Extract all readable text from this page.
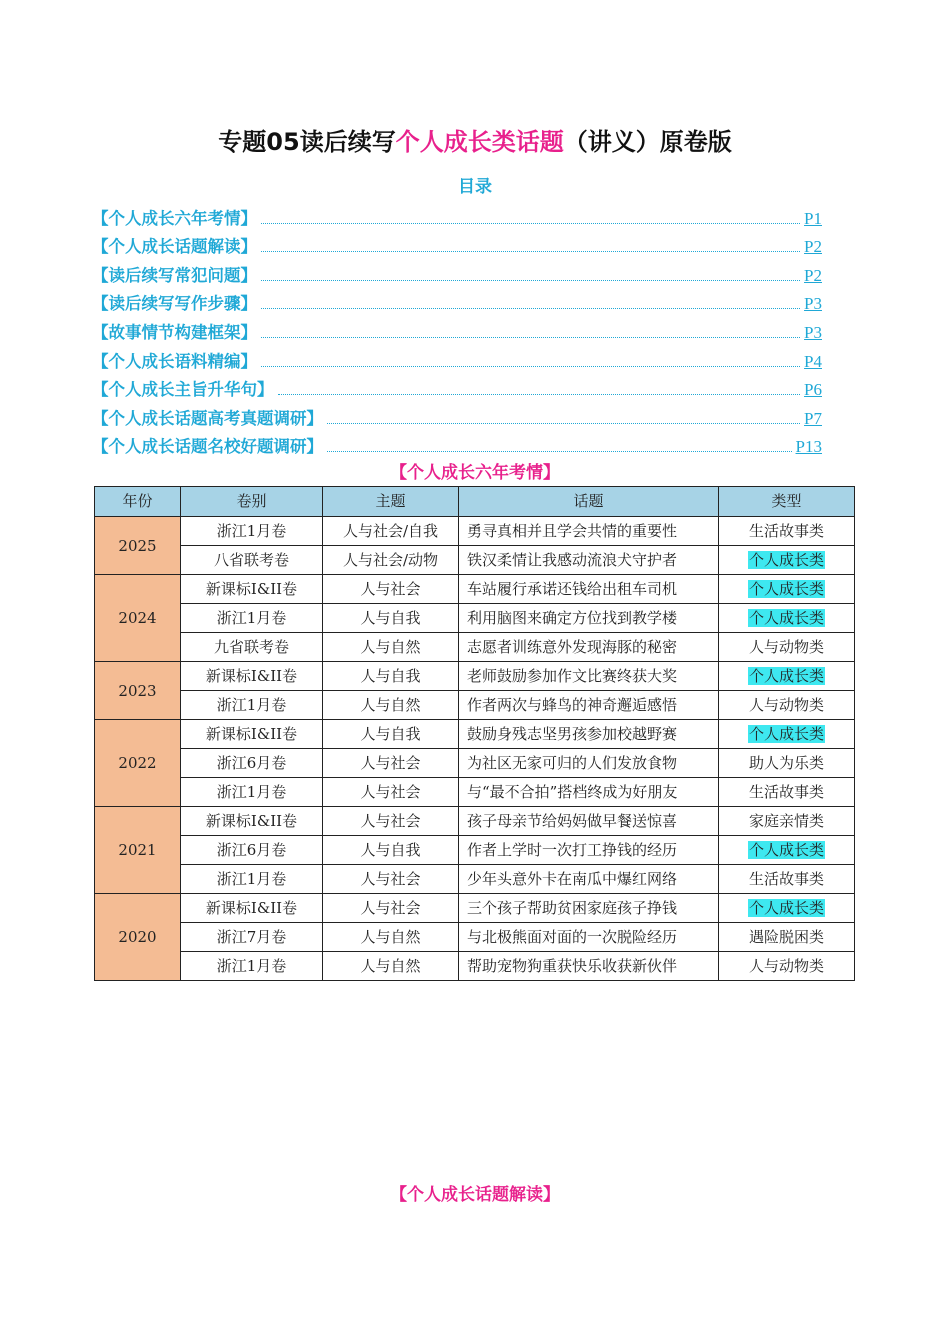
专题05读后续写个人成长类话题（讲义）原卷版
目录
【个人成长六年考情】	P1
【个人成长话题解读】	P2
【读后续写常犯问题】	P2
【读后续写写作步骤】	P3
【故事情节构建框架】	P3
【个人成长语料精编】	P4
【个人成长主旨升华句】	P6
【个人成长话题高考真题调研】	P7
【个人成长话题名校好题调研】	P13
【个人成长六年考情】
年份	卷别	主题	话题	类型
2025	浙江1月卷	人与社会/自我	勇寻真相并且学会共情的重要性	生活故事类
	八省联考卷	人与社会/动物	铁汉柔情让我感动流浪犬守护者	个人成长类
2024	新课标I&II卷	人与社会	车站履行承诺还钱给出租车司机	个人成长类
	浙江1月卷	人与自我	利用脑图来确定方位找到教学楼	个人成长类
	九省联考卷	人与自然	志愿者训练意外发现海豚的秘密	人与动物类
2023	新课标I&II卷	人与自我	老师鼓励参加作文比赛终获大奖	个人成长类
	浙江1月卷	人与自然	作者两次与蜂鸟的神奇邂逅感悟	人与动物类
2022	新课标I&II卷	人与自我	鼓励身残志坚男孩参加校越野赛	个人成长类
	浙江6月卷	人与社会	为社区无家可归的人们发放食物	助人为乐类
	浙江1月卷	人与社会	与“最不合拍”搭档终成为好朋友	生活故事类
2021	新课标I&II卷	人与社会	孩子母亲节给妈妈做早餐送惊喜	家庭亲情类
	浙江6月卷	人与自我	作者上学时一次打工挣钱的经历	个人成长类
	浙江1月卷	人与社会	少年头意外卡在南瓜中爆红网络	生活故事类
2020	新课标I&II卷	人与社会	三个孩子帮助贫困家庭孩子挣钱	个人成长类
	浙江7月卷	人与自然	与北极熊面对面的一次脱险经历	遇险脱困类
	浙江1月卷	人与自然	帮助宠物狗重获快乐收获新伙伴	人与动物类
【个人成长话题解读】
